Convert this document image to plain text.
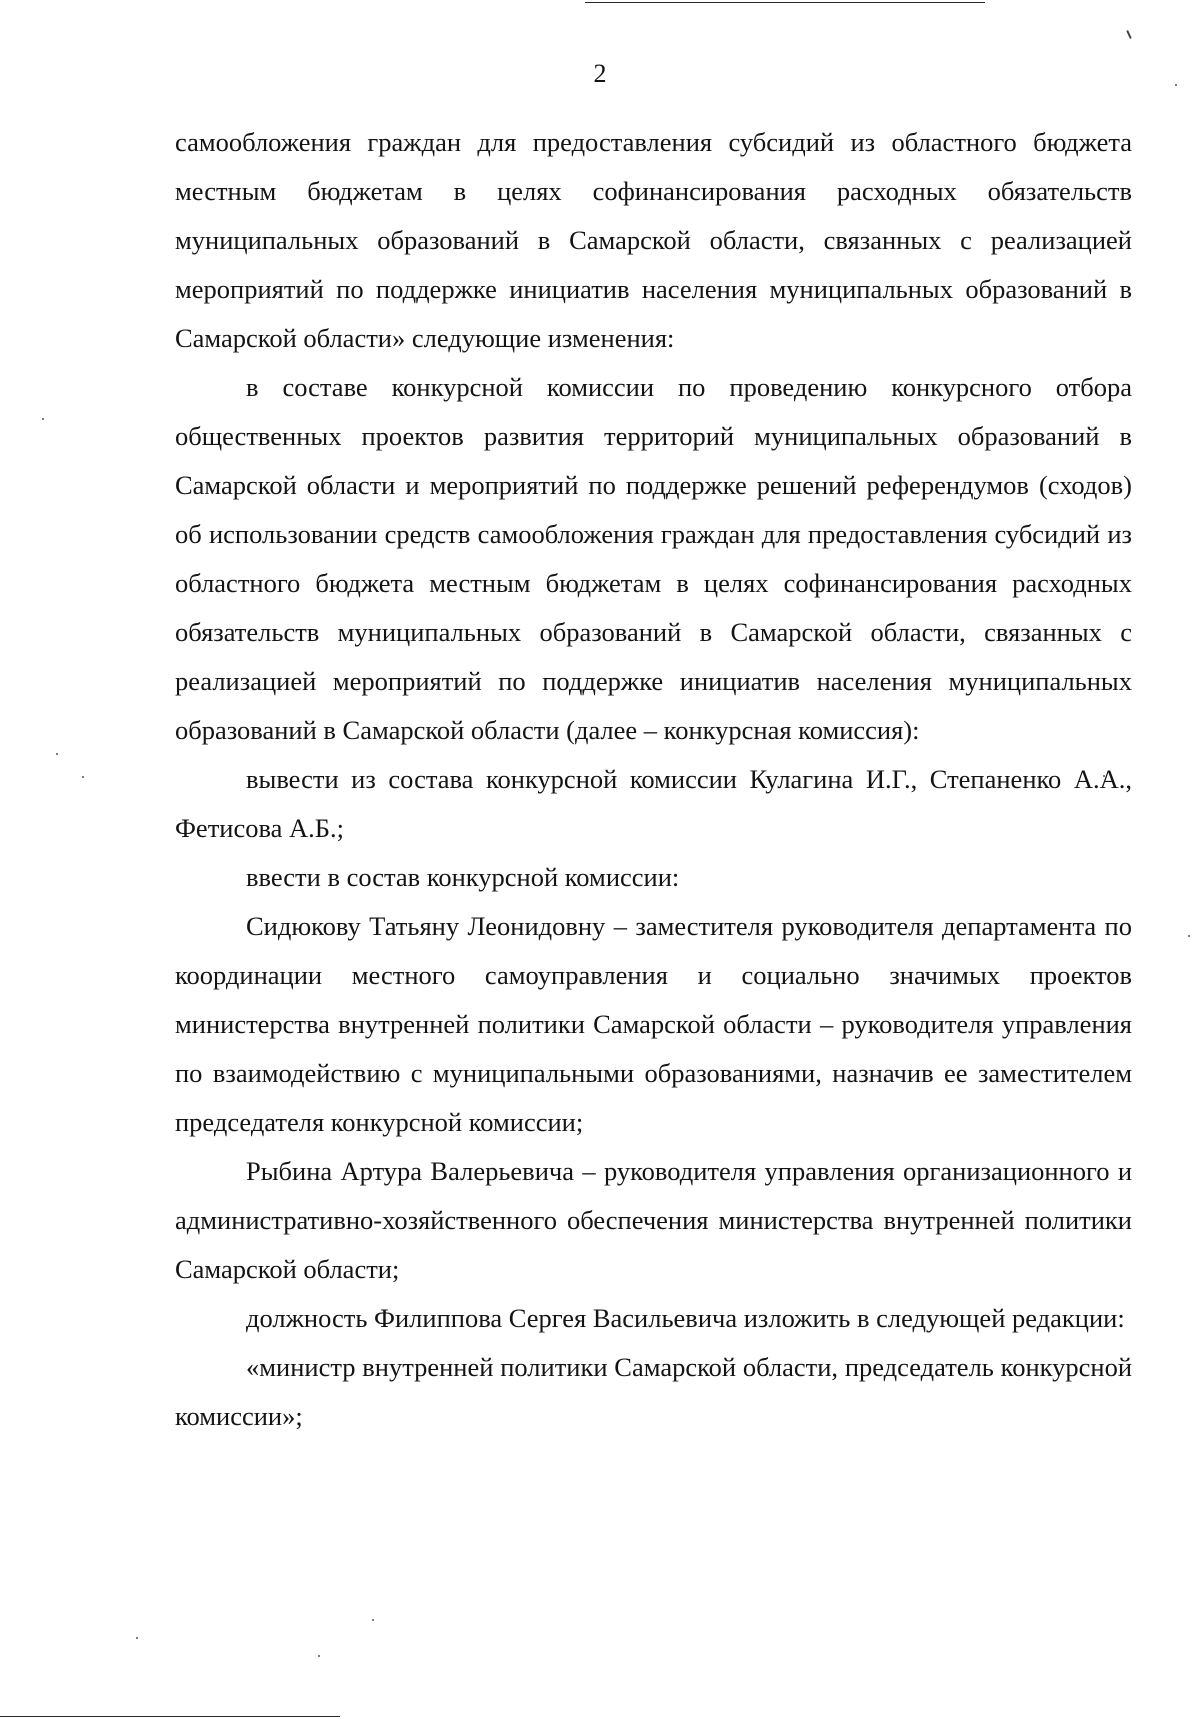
2

самообложения граждан для предоставления субсидий из областного бюджета местным бюджетам в целях софинансирования расходных обязательств муниципальных образований в Самарской области, связанных с реализацией мероприятий по поддержке инициатив населения муниципальных образований в Самарской области» следующие изменения:

в составе конкурсной комиссии по проведению конкурсного отбора общественных проектов развития территорий муниципальных образований в Самарской области и мероприятий по поддержке решений референдумов (сходов) об использовании средств самообложения граждан для предоставления субсидий из областного бюджета местным бюджетам в целях софинансирования расходных обязательств муниципальных образований в Самарской области, связанных с реализацией мероприятий по поддержке инициатив населения муниципальных образований в Самарской области (далее – конкурсная комиссия):

вывести из состава конкурсной комиссии Кулагина И.Г., Степаненко А.А., Фетисова А.Б.;

ввести в состав конкурсной комиссии:

Сидюкову Татьяну Леонидовну – заместителя руководителя департамента по координации местного самоуправления и социально значимых проектов министерства внутренней политики Самарской области – руководителя управления по взаимодействию с муниципальными образованиями, назначив ее заместителем председателя конкурсной комиссии;

Рыбина Артура Валерьевича – руководителя управления организационного и административно-хозяйственного обеспечения министерства внутренней политики Самарской области;

должность Филиппова Сергея Васильевича изложить в следующей редакции:

«министр внутренней политики Самарской области, председатель конкурсной комиссии»;
